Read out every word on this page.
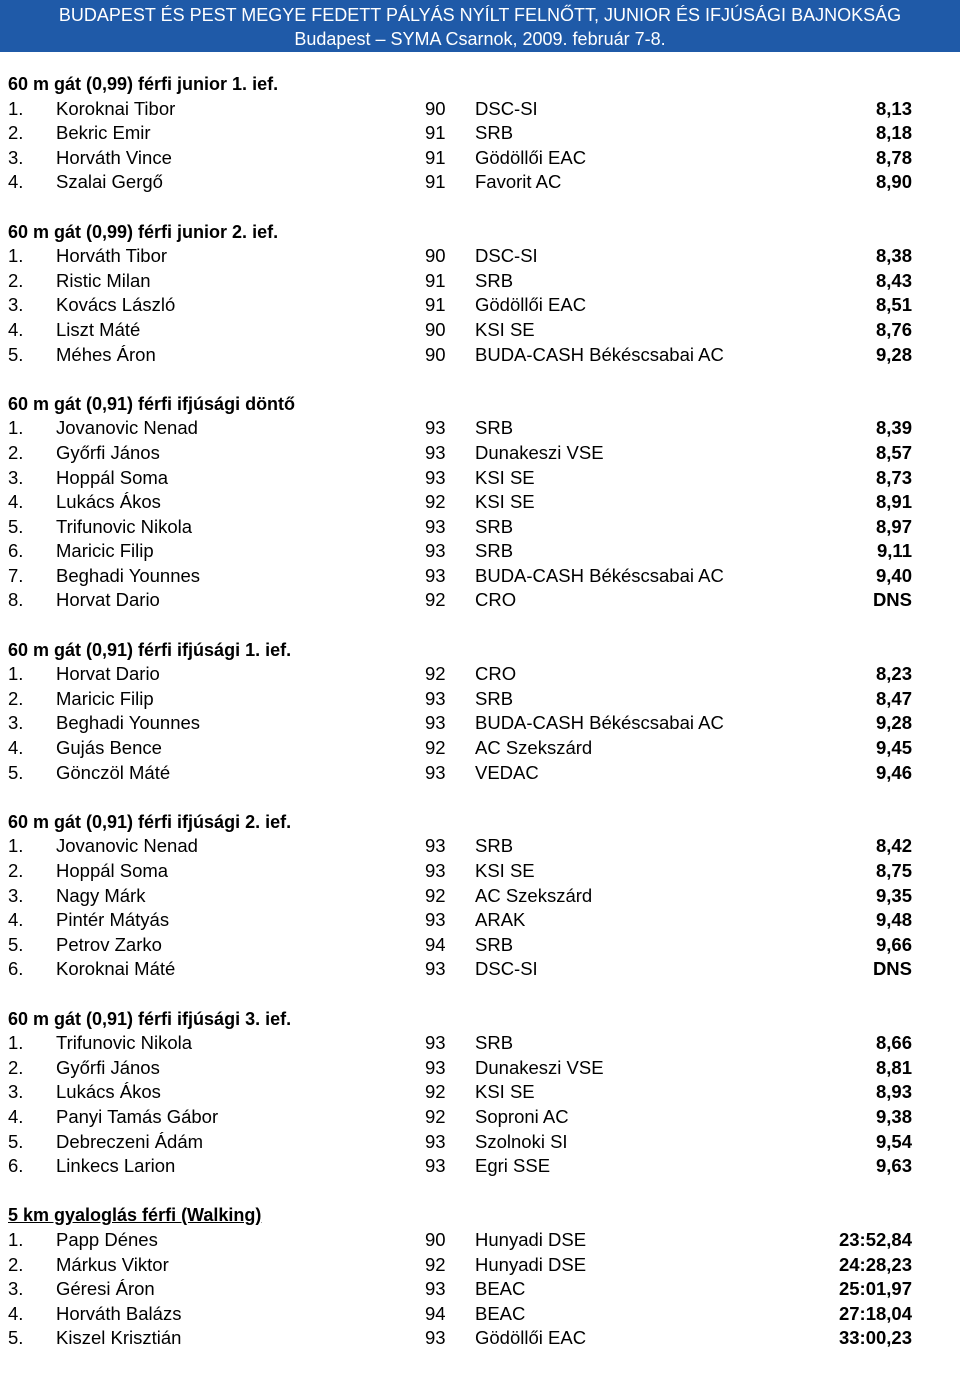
BUDAPEST ÉS PEST MEGYE FEDETT PÁLYÁS NYÍLT FELNŐTT, JUNIOR ÉS IFJÚSÁGI BAJNOKSÁG
Budapest – SYMA Csarnok, 2009. február 7-8.
60 m gát (0,99) férfi junior 1. ief.
1. Koroknai Tibor	90 DSC-SI	8,13
2. Bekric Emir	91 SRB	8,18
3. Horváth Vince	91 Gödöllői EAC	8,78
4. Szalai Gergő	91 Favorit AC	8,90
60 m gát (0,99) férfi junior 2. ief.
1. Horváth Tibor	90 DSC-SI	8,38
2. Ristic Milan	91 SRB	8,43
3. Kovács László	91 Gödöllői EAC	8,51
4. Liszt Máté	90 KSI SE	8,76
5. Méhes Áron	90 BUDA-CASH Békéscsabai AC	9,28
60 m gát (0,91) férfi ifjúsági döntő
1. Jovanovic Nenad	93 SRB	8,39
2. Győrfi János	93 Dunakeszi VSE	8,57
3. Hoppál Soma	93 KSI SE	8,73
4. Lukács Ákos	92 KSI SE	8,91
5. Trifunovic Nikola	93 SRB	8,97
6. Maricic Filip	93 SRB	9,11
7. Beghadi Younnes	93 BUDA-CASH Békéscsabai AC	9,40
8. Horvat Dario	92 CRO	DNS
60 m gát (0,91) férfi ifjúsági 1. ief.
1. Horvat Dario	92 CRO	8,23
2. Maricic Filip	93 SRB	8,47
3. Beghadi Younnes	93 BUDA-CASH Békéscsabai AC	9,28
4. Gujás Bence	92 AC Szekszárd	9,45
5. Gönczöl Máté	93 VEDAC	9,46
60 m gát (0,91) férfi ifjúsági 2. ief.
1. Jovanovic Nenad	93 SRB	8,42
2. Hoppál Soma	93 KSI SE	8,75
3. Nagy Márk	92 AC Szekszárd	9,35
4. Pintér Mátyás	93 ARAK	9,48
5. Petrov Zarko	94 SRB	9,66
6. Koroknai Máté	93 DSC-SI	DNS
60 m gát (0,91) férfi ifjúsági 3. ief.
1. Trifunovic Nikola	93 SRB	8,66
2. Győrfi János	93 Dunakeszi VSE	8,81
3. Lukács Ákos	92 KSI SE	8,93
4. Panyi Tamás Gábor	92 Soproni AC	9,38
5. Debreczeni Ádám	93 Szolnoki SI	9,54
6. Linkecs Larion	93 Egri SSE	9,63
5 km gyaloglás férfi (Walking)
1. Papp Dénes	90 Hunyadi DSE	23:52,84
2. Márkus Viktor	92 Hunyadi DSE	24:28,23
3. Géresi Áron	93 BEAC	25:01,97
4. Horváth Balázs	94 BEAC	27:18,04
5. Kiszel Krisztián	93 Gödöllői EAC	33:00,23
